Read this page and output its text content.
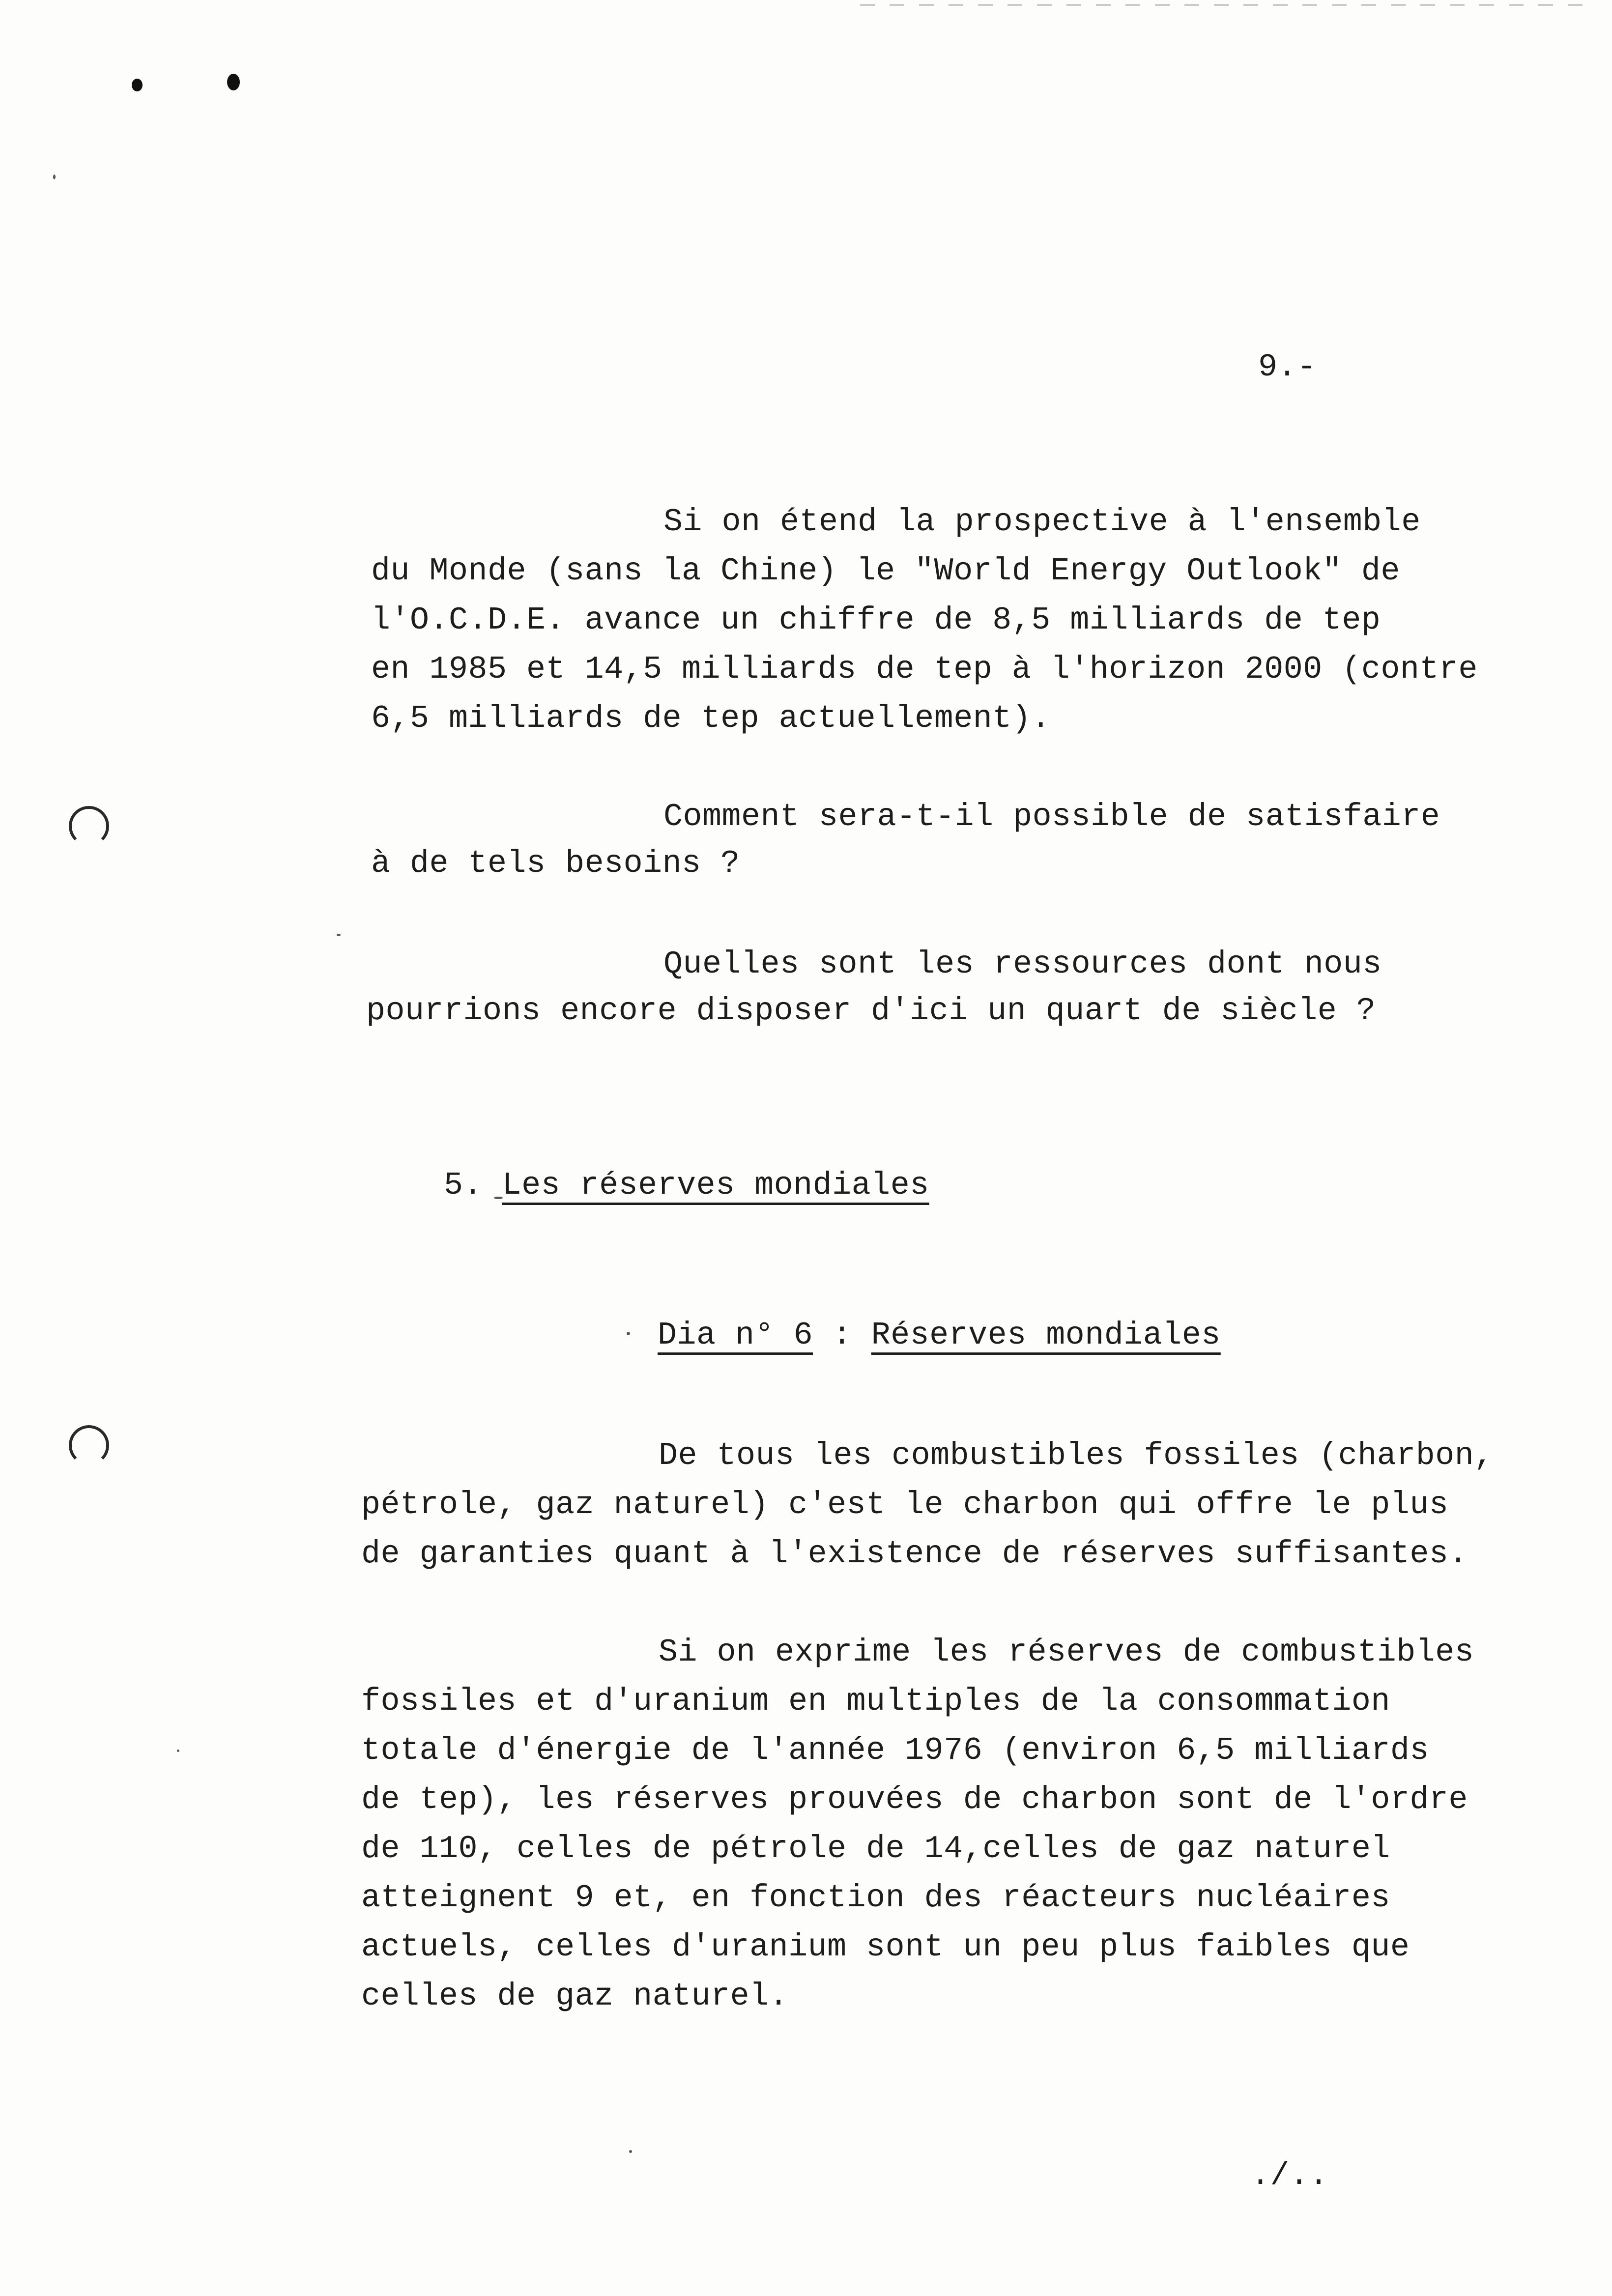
9.-
Si on étend la prospective à l'ensemble
du Monde (sans la Chine) le "World Energy Outlook" de
l'O.C.D.E. avance un chiffre de 8,5 milliards de tep
en 1985 et 14,5 milliards de tep à l'horizon 2000 (contre
6,5 milliards de tep actuellement).
Comment sera-t-il possible de satisfaire
à de tels besoins ?
Quelles sont les ressources dont nous
pourrions encore disposer d'ici un quart de siècle ?

5. Les réserves mondiales

Dia n° 6 : Réserves mondiales

De tous les combustibles fossiles (charbon,
pétrole, gaz naturel) c'est le charbon qui offre le plus
de garanties quant à l'existence de réserves suffisantes.
Si on exprime les réserves de combustibles
fossiles et d'uranium en multiples de la consommation
totale d'énergie de l'année 1976 (environ 6,5 milliards
de tep), les réserves prouvées de charbon sont de l'ordre
de 110, celles de pétrole de 14,celles de gaz naturel
atteignent 9 et, en fonction des réacteurs nucléaires
actuels, celles d'uranium sont un peu plus faibles que
celles de gaz naturel.
./..
